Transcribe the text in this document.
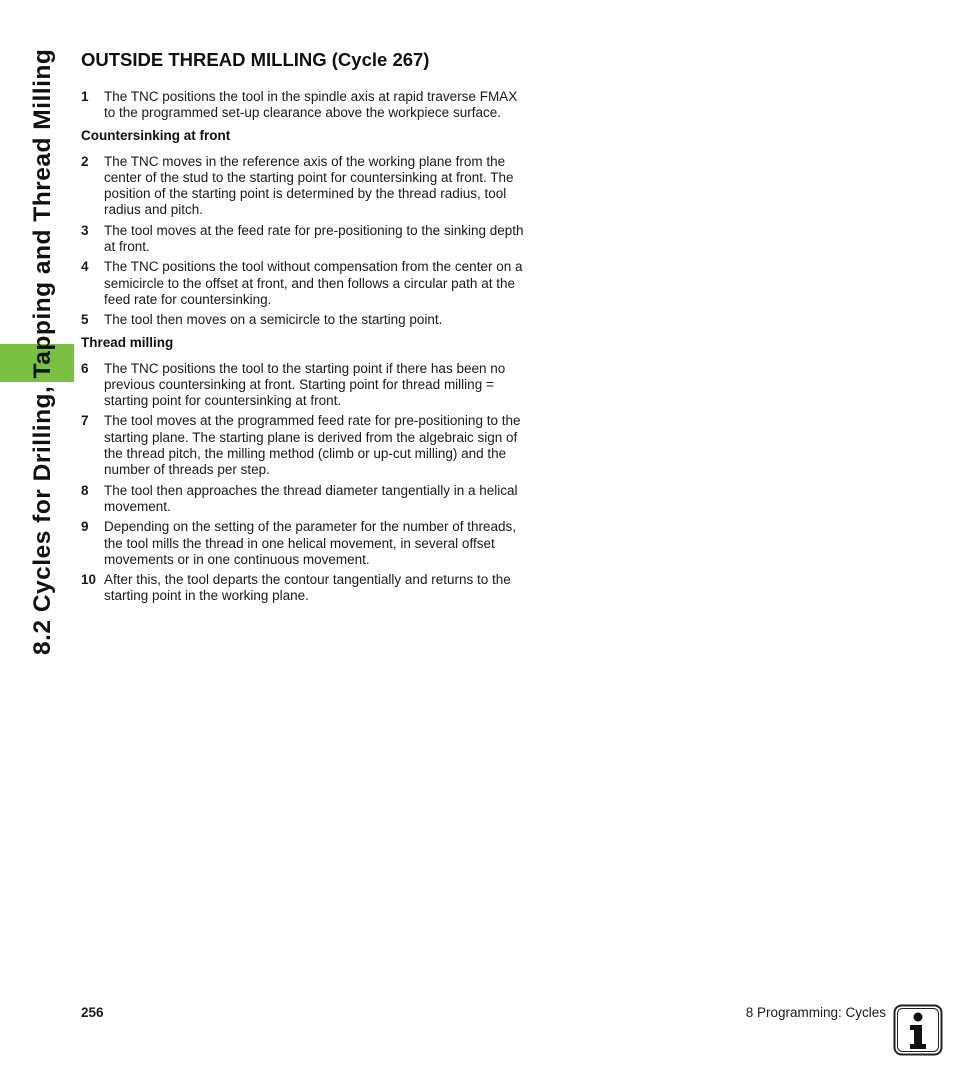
8.2 Cycles for Drilling, Tapping and Thread Milling	OUTSIDE THREAD MILLING (Cycle 267)
1	The TNC positions the tool in the spindle axis at rapid traverse FMAX to the programmed set-up clearance above the workpiece surface.
Countersinking at front
2	The TNC moves in the reference axis of the working plane from the center of the stud to the starting point for countersinking at front. The position of the starting point is determined by the thread radius, tool radius and pitch.
3	The tool moves at the feed rate for pre-positioning to the sinking depth at front.
4	The TNC positions the tool without compensation from the center on a semicircle to the offset at front, and then follows a circular path at the feed rate for countersinking.
5	The tool then moves on a semicircle to the starting point.
Thread milling
6	The TNC positions the tool to the starting point if there has been no previous countersinking at front. Starting point for thread milling = starting point for countersinking at front.
7	The tool moves at the programmed feed rate for pre-positioning to the starting plane. The starting plane is derived from the algebraic sign of the thread pitch, the milling method (climb or up-cut milling) and the number of threads per step.
8	The tool then approaches the thread diameter tangentially in a helical movement.
9	Depending on the setting of the parameter for the number of threads, the tool mills the thread in one helical movement, in several offset movements or in one continuous movement.
10 After this, the tool departs the contour tangentially and returns to the starting point in the working plane.
256	8 Programming: Cycles
